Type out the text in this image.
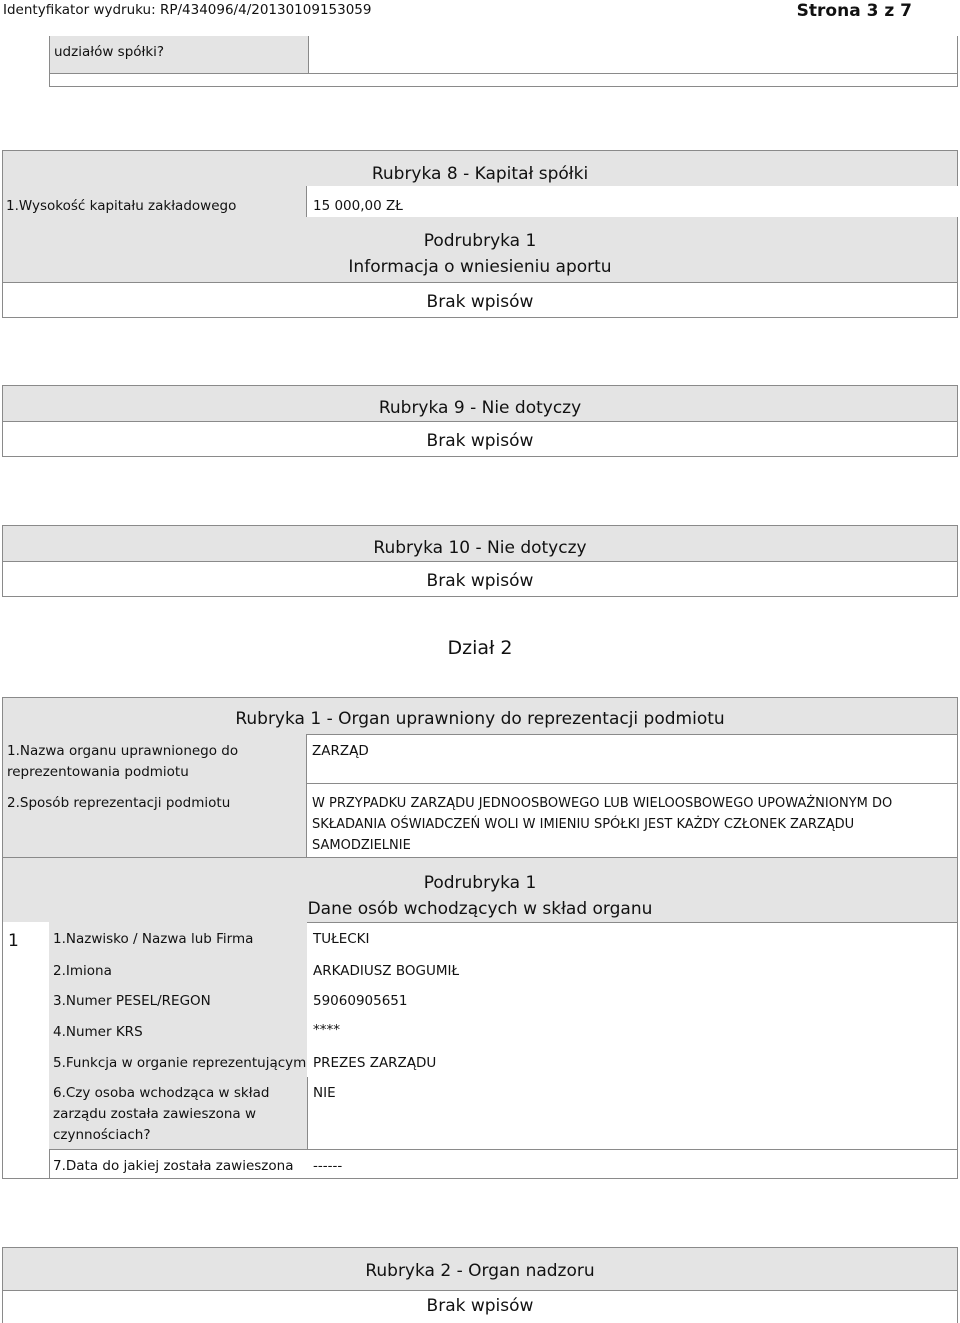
Identyfikator wydruku: RP/434096/4/20130109153059	Strona 3 z 7
udziałów spółki?
Rubryka 8 - Kapitał spółki
1.Wysokość kapitału zakładowego	15 000,00 ZŁ
Podrubryka 1
Informacja o wniesieniu aportu
Brak wpisów
Rubryka 9 - Nie dotyczy
Brak wpisów
Rubryka 10 - Nie dotyczy
Brak wpisów
Dział 2
Rubryka 1 - Organ uprawniony do reprezentacji podmiotu
1.Nazwa organu uprawnionego do
reprezentowania podmiotu
ZARZĄD
2.Sposób reprezentacji podmiotu	W PRZYPADKU ZARZĄDU JEDNOOSBOWEGO LUB WIELOOSBOWEGO UPOWAŻNIONYM DO
SKŁADANIA OŚWIADCZEŃ WOLI W IMIENIU SPÓŁKI JEST KAŻDY CZŁONEK ZARZĄDU
SAMODZIELNIE
Podrubryka 1
Dane osób wchodzących w skład organu
1	1.Nazwisko / Nazwa lub Firma	TUŁECKI
2.Imiona	ARKADIUSZ BOGUMIŁ
3.Numer PESEL/REGON	59060905651
4.Numer KRS	****
5.Funkcja w organie reprezentującym PREZES ZARZĄDU
6.Czy osoba wchodząca w skład
zarządu została zawieszona w
czynnościach?
NIE
7.Data do jakiej została zawieszona ------
Rubryka 2 - Organ nadzoru
Brak wpisów
